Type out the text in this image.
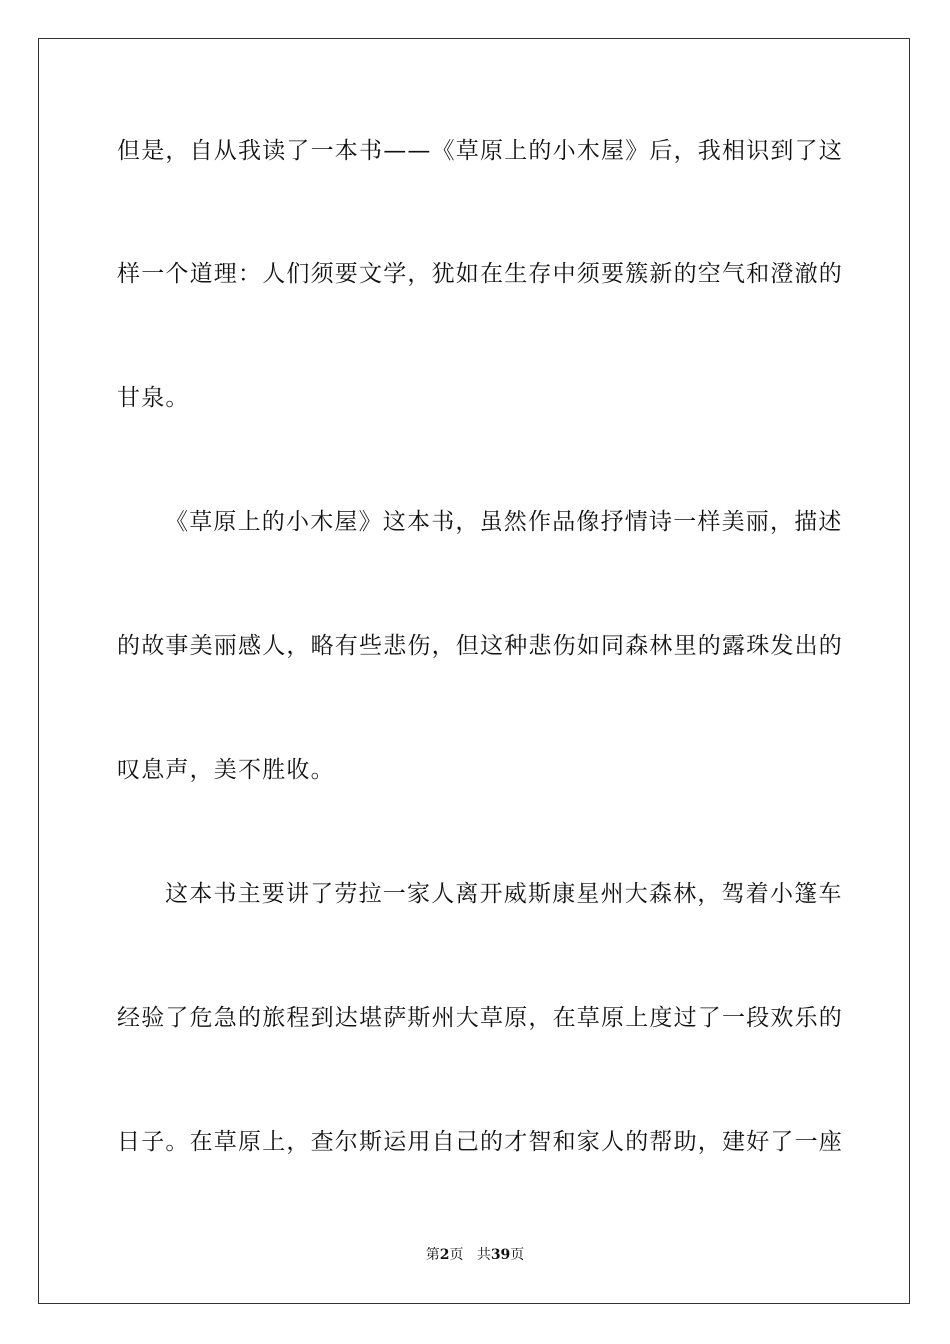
但是，自从我读了一本书——《草原上的小木屋》后，我相识到了这
样一个道理：人们须要文学，犹如在生存中须要簇新的空气和澄澈的
甘泉。
《草原上的小木屋》这本书，虽然作品像抒情诗一样美丽，描述
的故事美丽感人，略有些悲伤，但这种悲伤如同森林里的露珠发出的
叹息声，美不胜收。
这本书主要讲了劳拉一家人离开威斯康星州大森林，驾着小篷车
经验了危急的旅程到达堪萨斯州大草原，在草原上度过了一段欢乐的
日子。在草原上，查尔斯运用自己的才智和家人的帮助，建好了一座
第2页 共39页
